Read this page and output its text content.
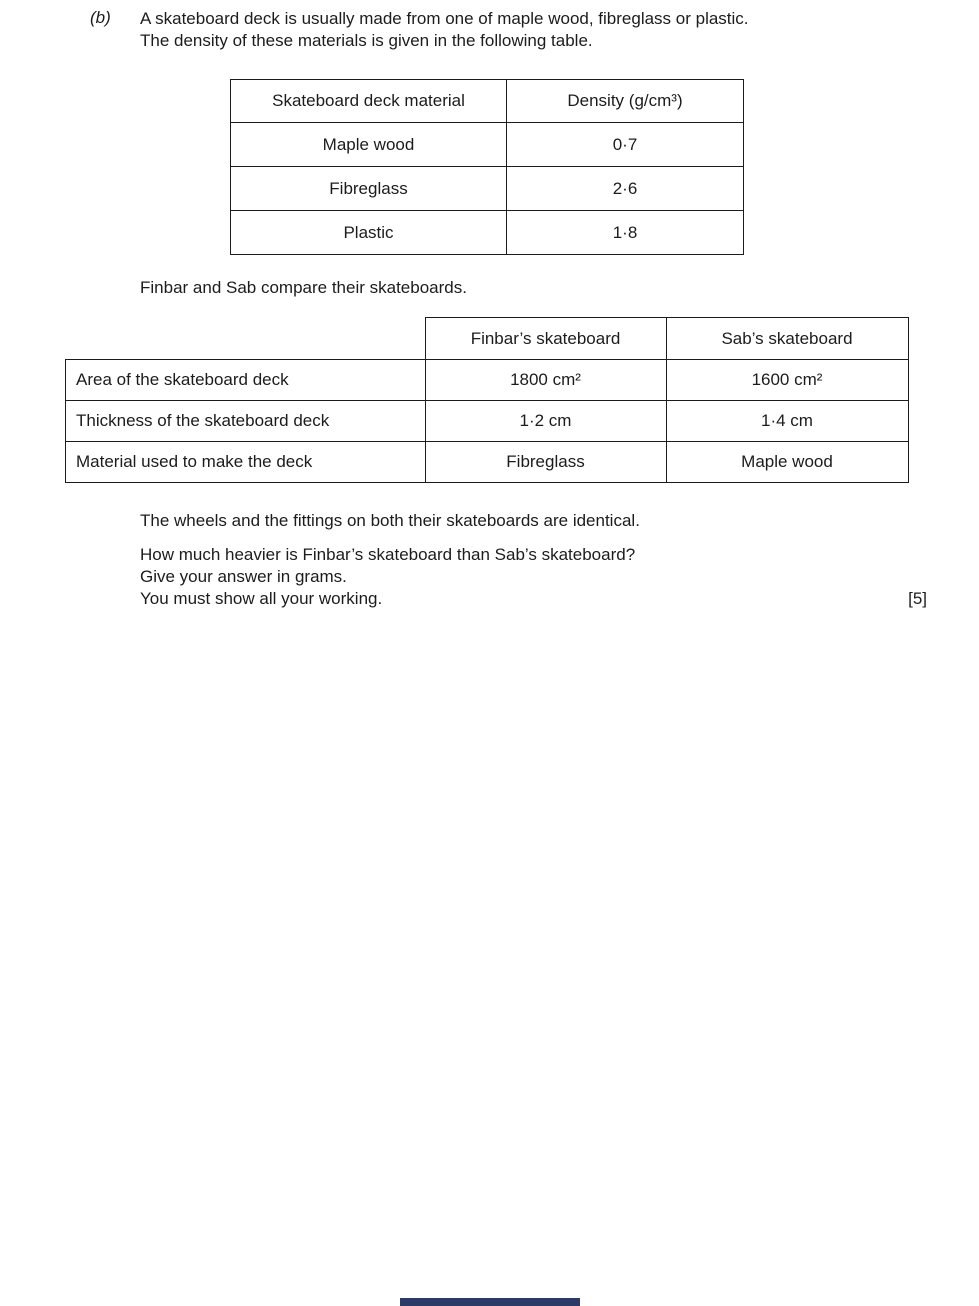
(b)	A skateboard deck is usually made from one of maple wood, fibreglass or plastic.

The density of these materials is given in the following table.

Skateboard deck material	Density (g/cm³)
Maple wood	0·7
Fibreglass	2·6
Plastic	1·8

Finbar and Sab compare their skateboards.

	Finbar’s skateboard	Sab’s skateboard
Area of the skateboard deck	1800 cm²	1600 cm²
Thickness of the skateboard deck	1·2 cm	1·4 cm
Material used to make the deck	Fibreglass	Maple wood

The wheels and the fittings on both their skateboards are identical.

How much heavier is Finbar’s skateboard than Sab’s skateboard?

Give your answer in grams.

You must show all your working.	[5]
